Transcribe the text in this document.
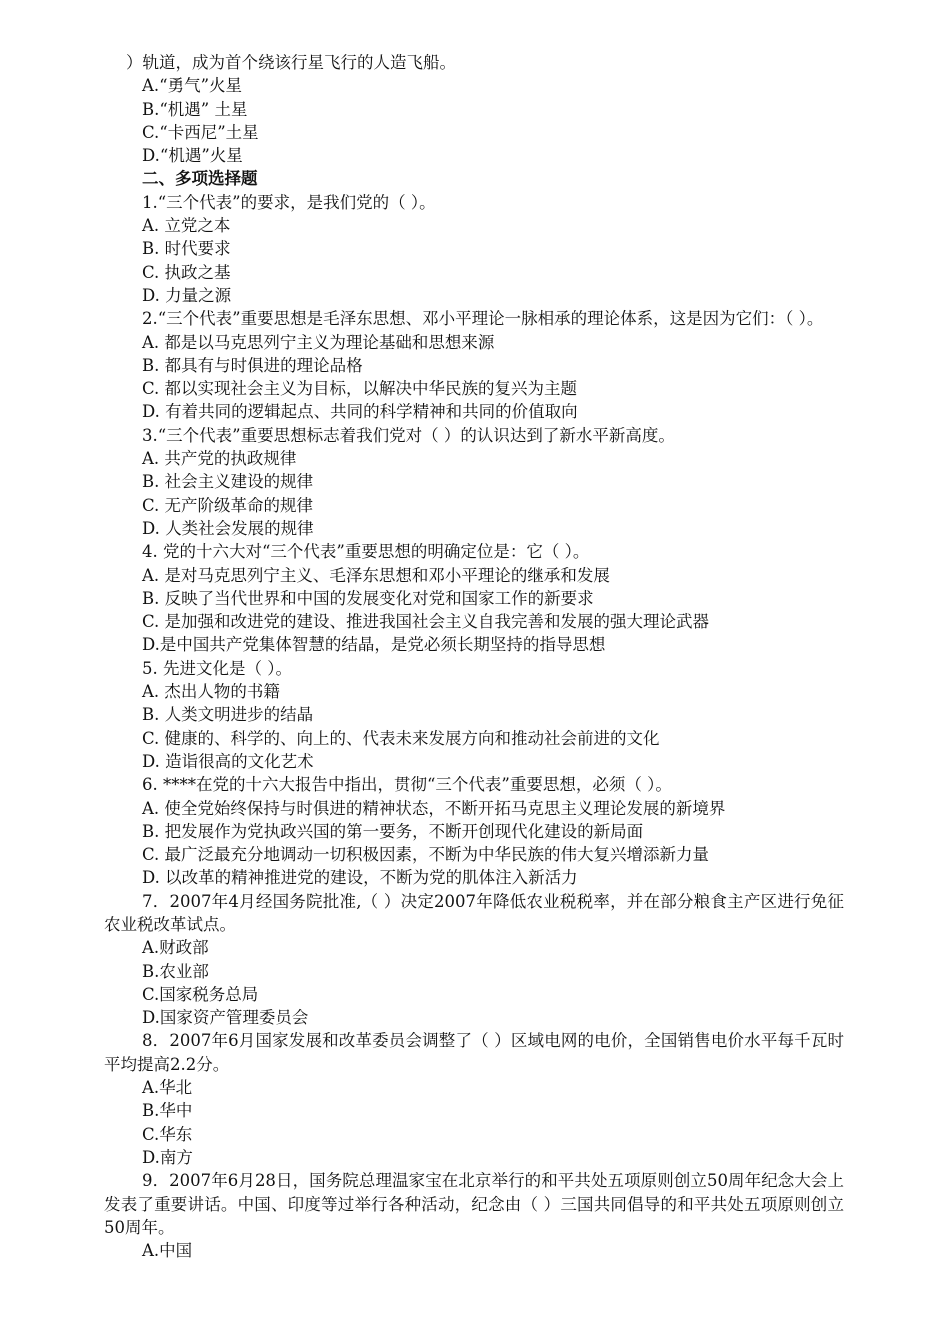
）轨道，成为首个绕该行星飞行的人造飞船。
A.“勇气”火星
B.“机遇” 土星
C.“卡西尼”土星
D.“机遇”火星
二、多项选择题
1.“三个代表”的要求，是我们党的（ ）。
A. 立党之本
B. 时代要求
C. 执政之基
D. 力量之源
2.“三个代表”重要思想是毛泽东思想、邓小平理论一脉相承的理论体系，这是因为它们：（ ）。
A. 都是以马克思列宁主义为理论基础和思想来源
B. 都具有与时俱进的理论品格
C. 都以实现社会主义为目标，以解决中华民族的复兴为主题
D. 有着共同的逻辑起点、共同的科学精神和共同的价值取向
3.“三个代表”重要思想标志着我们党对（ ）的认识达到了新水平新高度。
A. 共产党的执政规律
B. 社会主义建设的规律
C. 无产阶级革命的规律
D. 人类社会发展的规律
4. 党的十六大对“三个代表”重要思想的明确定位是：它（ ）。
A. 是对马克思列宁主义、毛泽东思想和邓小平理论的继承和发展
B. 反映了当代世界和中国的发展变化对党和国家工作的新要求
C. 是加强和改进党的建设、推进我国社会主义自我完善和发展的强大理论武器
D.是中国共产党集体智慧的结晶，是党必须长期坚持的指导思想
5. 先进文化是（ ）。
A. 杰出人物的书籍
B. 人类文明进步的结晶
C. 健康的、科学的、向上的、代表未来发展方向和推动社会前进的文化
D. 造诣很高的文化艺术
6. ****在党的十六大报告中指出，贯彻“三个代表”重要思想，必须（ ）。
A. 使全党始终保持与时俱进的精神状态，不断开拓马克思主义理论发展的新境界
B. 把发展作为党执政兴国的第一要务，不断开创现代化建设的新局面
C. 最广泛最充分地调动一切积极因素，不断为中华民族的伟大复兴增添新力量
D. 以改革的精神推进党的建设，不断为党的肌体注入新活力
7．2007年4月经国务院批准,（ ）决定2007年降低农业税税率，并在部分粮食主产区进行免征农业税改革试点。
A.财政部
B.农业部
C.国家税务总局
D.国家资产管理委员会
8．2007年6月国家发展和改革委员会调整了（ ）区域电网的电价，全国销售电价水平每千瓦时平均提高2.2分。
A.华北
B.华中
C.华东
D.南方
9．2007年6月28日，国务院总理温家宝在北京举行的和平共处五项原则创立50周年纪念大会上发表了重要讲话。中国、印度等过举行各种活动，纪念由（ ）三国共同倡导的和平共处五项原则创立50周年。
A.中国
